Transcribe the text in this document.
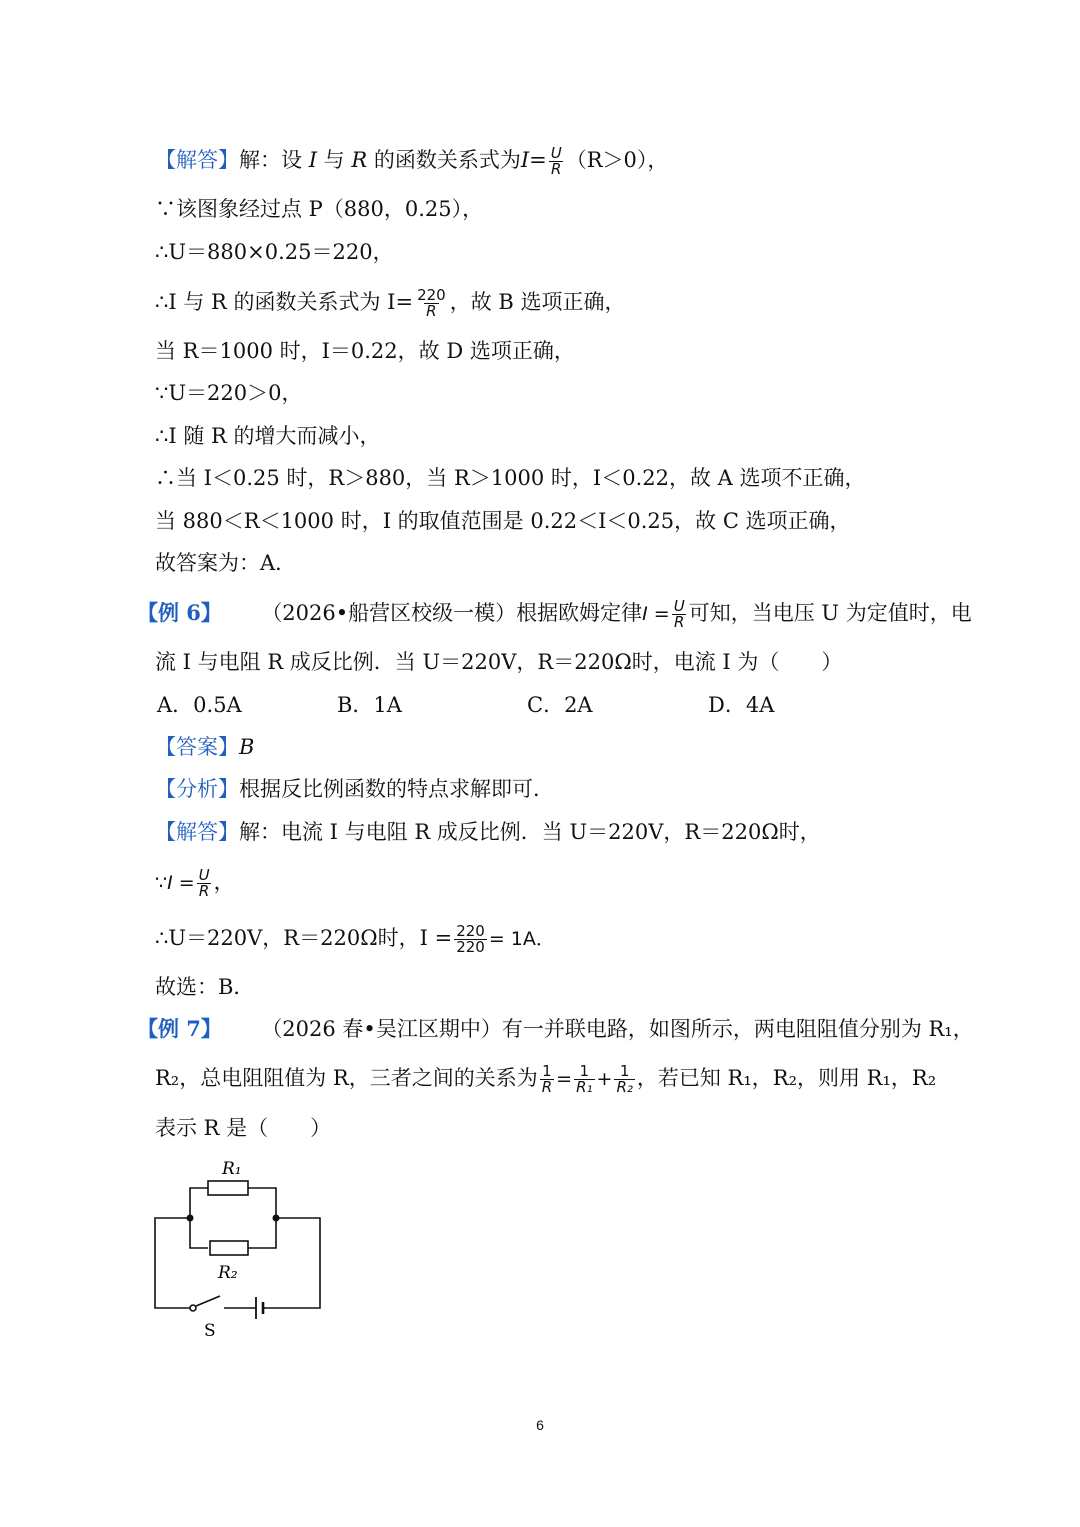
【解答】解：设 I 与 R 的函数关系式为$I= \frac{U}{R} (R>0)$，
∵该图象经过点 P（880，0.25），
∴U＝880×0.25＝220，
∴I 与 R 的函数关系式为 $I= \frac{220}{R}$ ，故 B 选项正确，
当 R＝1000 时，I＝0.22，故 D 选项正确，
∵U＝220＞0，
∴I 随 R 的增大而减小，
∴当 I＜0.25 时，R＞880，当 R＞1000 时，I＜0.22，故 A 选项不正确，
当 880＜R＜1000 时，I 的取值范围是 0.22＜I＜0.25，故 C 选项正确，
故答案为：A．
【例 6】 （2026•船营区校级一模）根据欧姆定律$I = \frac{U}{R}$ 可知，当电压 U 为定值时，电
流 I 与电阻 R 成反比例．当 U＝220V，R＝220Ω时，电流 I 为（　　）
A．0.5A	B．1A	C．2A	D．4A
【答案】B
【分析】根据反比例函数的特点求解即可．
【解答】解：电流 I 与电阻 R 成反比例．当 U＝220V，R＝220Ω时，
∵I = $\frac{U}{R}$ ，
∴U＝220V，R＝220Ω时，$I = \frac{220}{220} = 1A$．
故选：B．
【例 7】 （2026 春•吴江区期中）有一并联电路，如图所示，两电阻阻值分别为 R₁，
R₂，总电阻阻值为 R，三者之间的关系为 $\frac{1}{R} = \frac{1}{\text{R₁}} + \frac{1}{\text{R₂}}$ ，若已知 R₁，R₂，则用 R₁，R₂
表示 R 是（　　）
R₁
R₂
S
6
